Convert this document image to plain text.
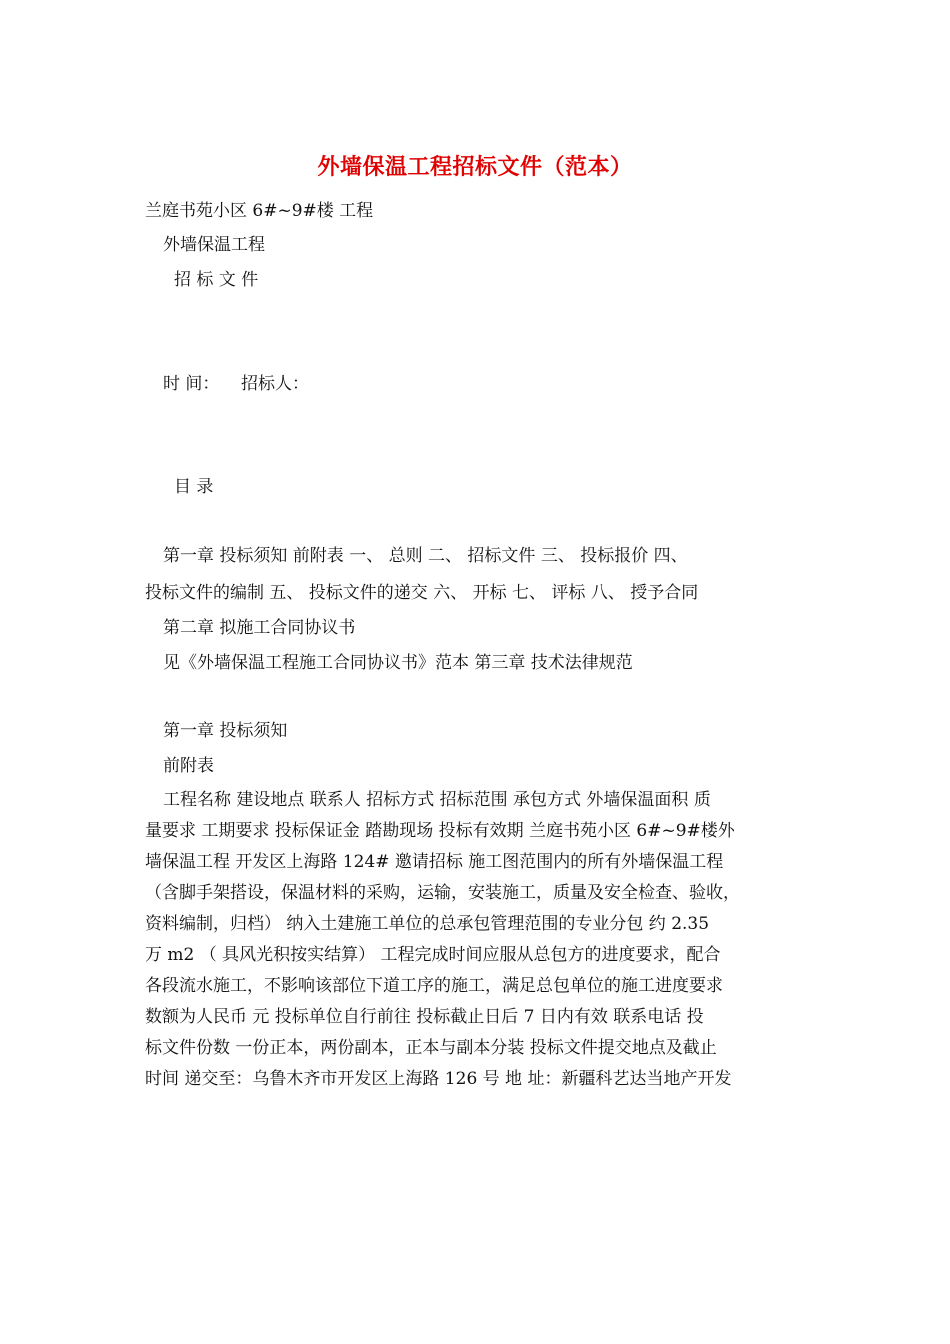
外墙保温工程招标文件（范本）
兰庭书苑小区 6#~9#楼 工程
外墙保温工程
招 标 文 件
时 间： 招标人：
目 录
第一章 投标须知 前附表 一、 总则 二、 招标文件 三、 投标报价 四、
投标文件的编制 五、 投标文件的递交 六、 开标 七、 评标 八、 授予合同
第二章 拟施工合同协议书
见《外墙保温工程施工合同协议书》范本 第三章 技术法律规范
第一章 投标须知
前附表
工程名称 建设地点 联系人 招标方式 招标范围 承包方式 外墙保温面积 质
量要求 工期要求 投标保证金 踏勘现场 投标有效期 兰庭书苑小区 6#~9#楼外
墙保温工程 开发区上海路 124# 邀请招标 施工图范围内的所有外墙保温工程
（含脚手架搭设，保温材料的采购，运输，安装施工，质量及安全检查、验收，
资料编制，归档） 纳入土建施工单位的总承包管理范围的专业分包 约 2.35
万 m2 （ 具风光积按实结算） 工程完成时间应服从总包方的进度要求，配合
各段流水施工，不影响该部位下道工序的施工，满足总包单位的施工进度要求
数额为人民币 元 投标单位自行前往 投标截止日后 7 日内有效 联系电话 投
标文件份数 一份正本，两份副本，正本与副本分装 投标文件提交地点及截止
时间 递交至：乌鲁木齐市开发区上海路 126 号 地 址：新疆科艺达当地产开发
